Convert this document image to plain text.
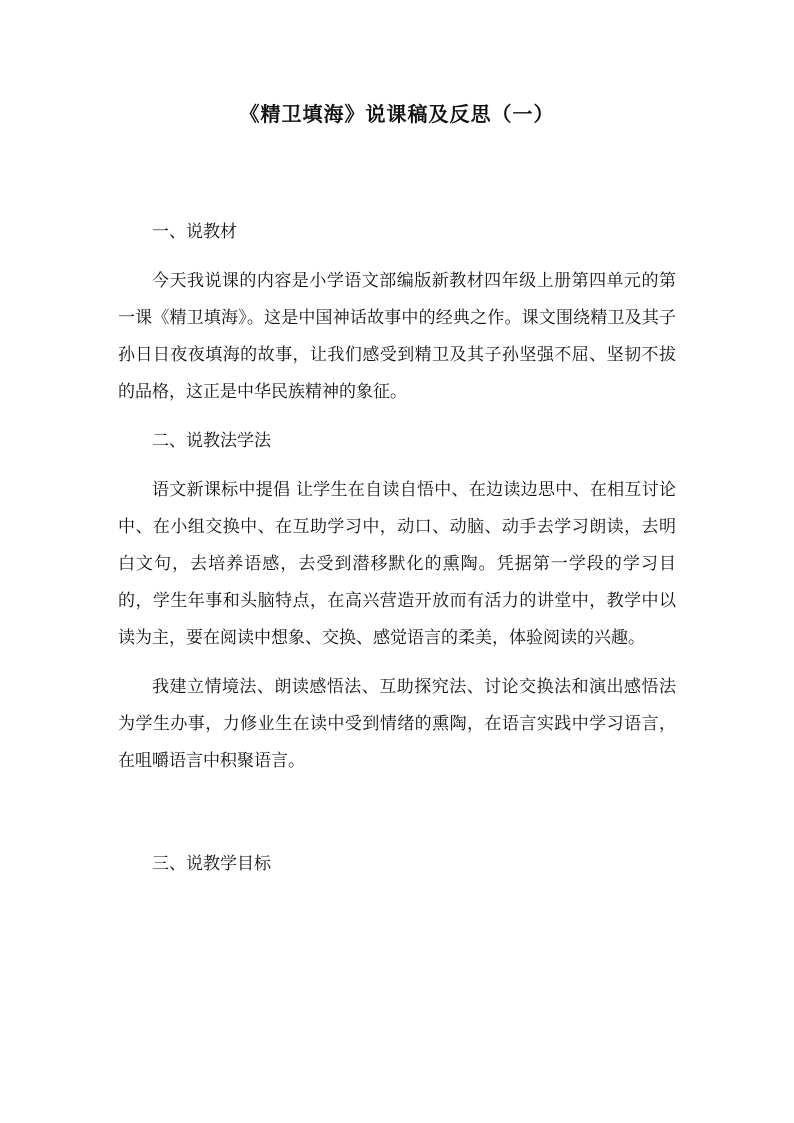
《精卫填海》说课稿及反思（一）
一、说教材
今天我说课的内容是小学语文部编版新教材四年级上册第四单元的第一课《精卫填海》。这是中国神话故事中的经典之作。课文围绕精卫及其子孙日日夜夜填海的故事，让我们感受到精卫及其子孙坚强不屈、坚韧不拔的品格，这正是中华民族精神的象征。
二、说教法学法
语文新课标中提倡 让学生在自读自悟中、在边读边思中、在相互讨论中、在小组交换中、在互助学习中，动口、动脑、动手去学习朗读，去明白文句，去培养语感，去受到潜移默化的熏陶。凭据第一学段的学习目的，学生年事和头脑特点，在高兴营造开放而有活力的讲堂中，教学中以读为主，要在阅读中想象、交换、感觉语言的柔美，体验阅读的兴趣。
我建立情境法、朗读感悟法、互助探究法、讨论交换法和演出感悟法为学生办事，力修业生在读中受到情绪的熏陶，在语言实践中学习语言，在咀嚼语言中积聚语言。
三、说教学目标
